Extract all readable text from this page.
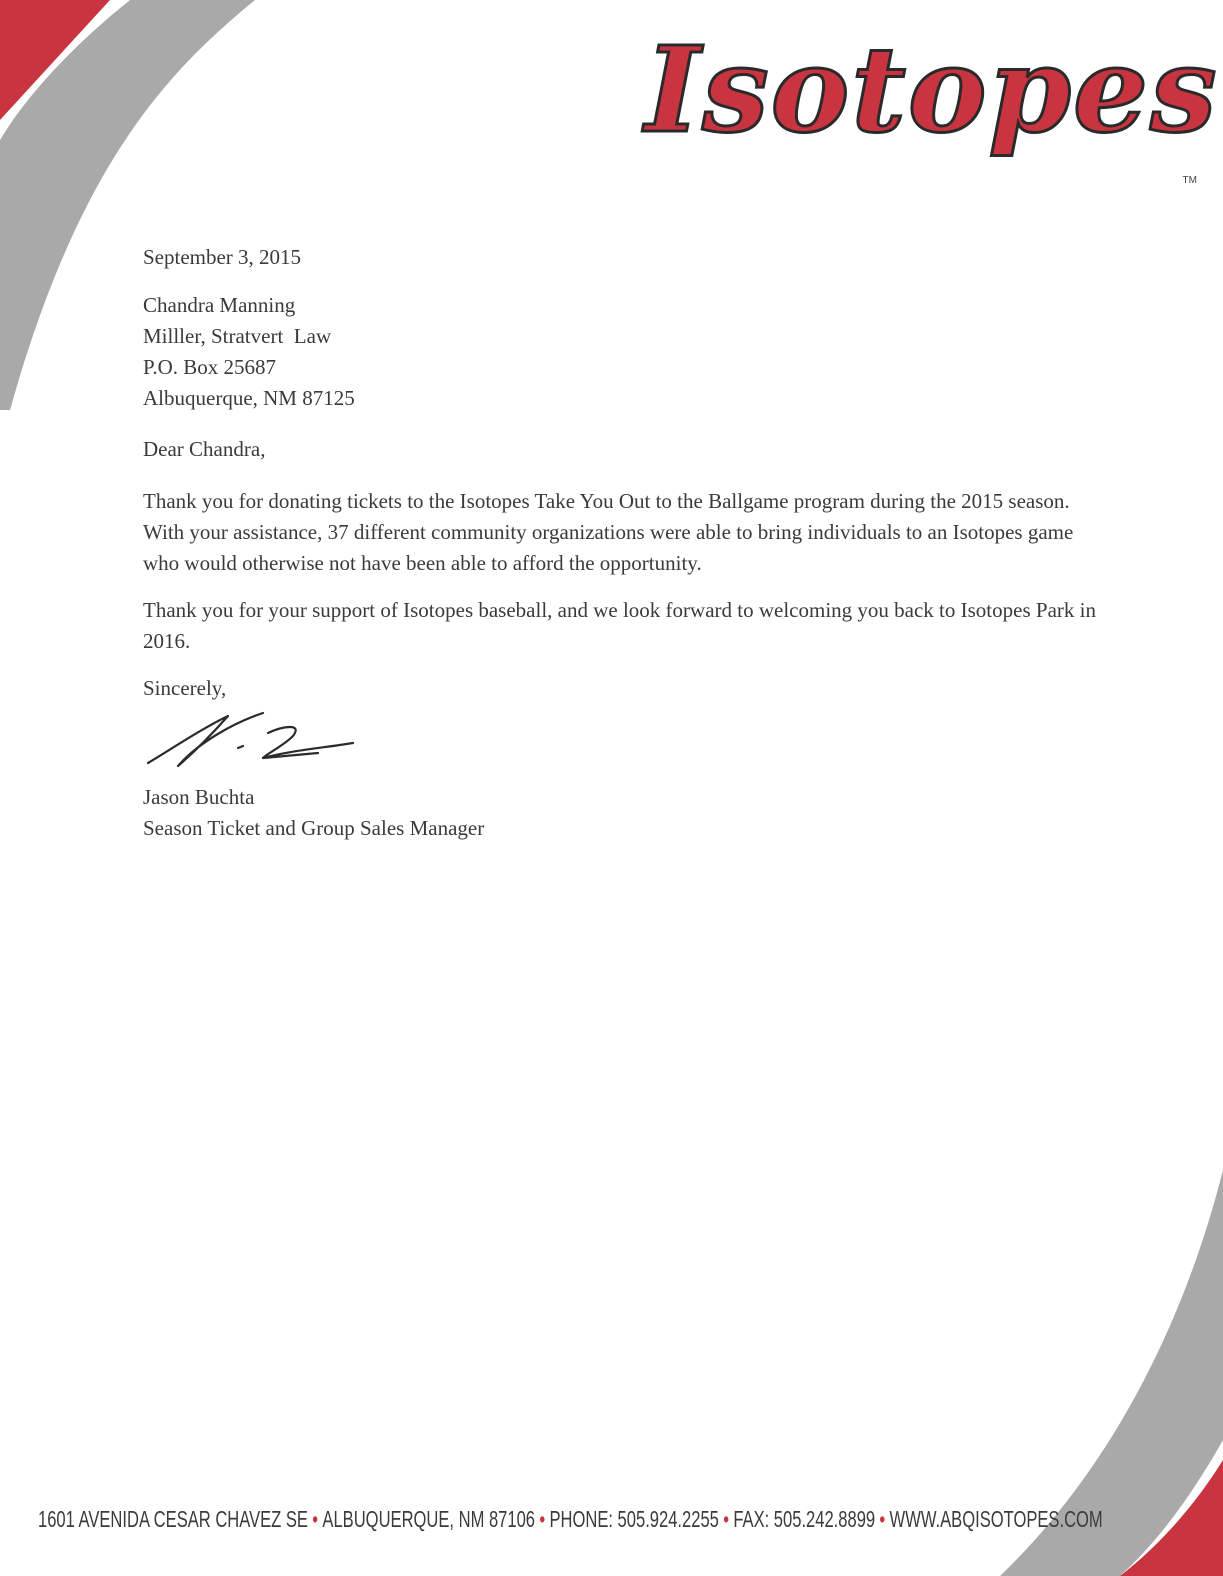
Isotopes
TM

September 3, 2015

Chandra Manning

Milller, Stratvert  Law

P.O. Box 25687

Albuquerque, NM 87125

Dear Chandra,

Thank you for donating tickets to the Isotopes Take You Out to the Ballgame program during the 2015 season. With your assistance, 37 different community organizations were able to bring individuals to an Isotopes game who would otherwise not have been able to afford the opportunity.

Thank you for your support of Isotopes baseball, and we look forward to welcoming you back to Isotopes Park in 2016.

Sincerely,

Jason Buchta

Season Ticket and Group Sales Manager

1601 AVENIDA CESAR CHAVEZ SE • ALBUQUERQUE, NM 87106 • PHONE: 505.924.2255 • FAX: 505.242.8899 • WWW.ABQISOTOPES.COM
